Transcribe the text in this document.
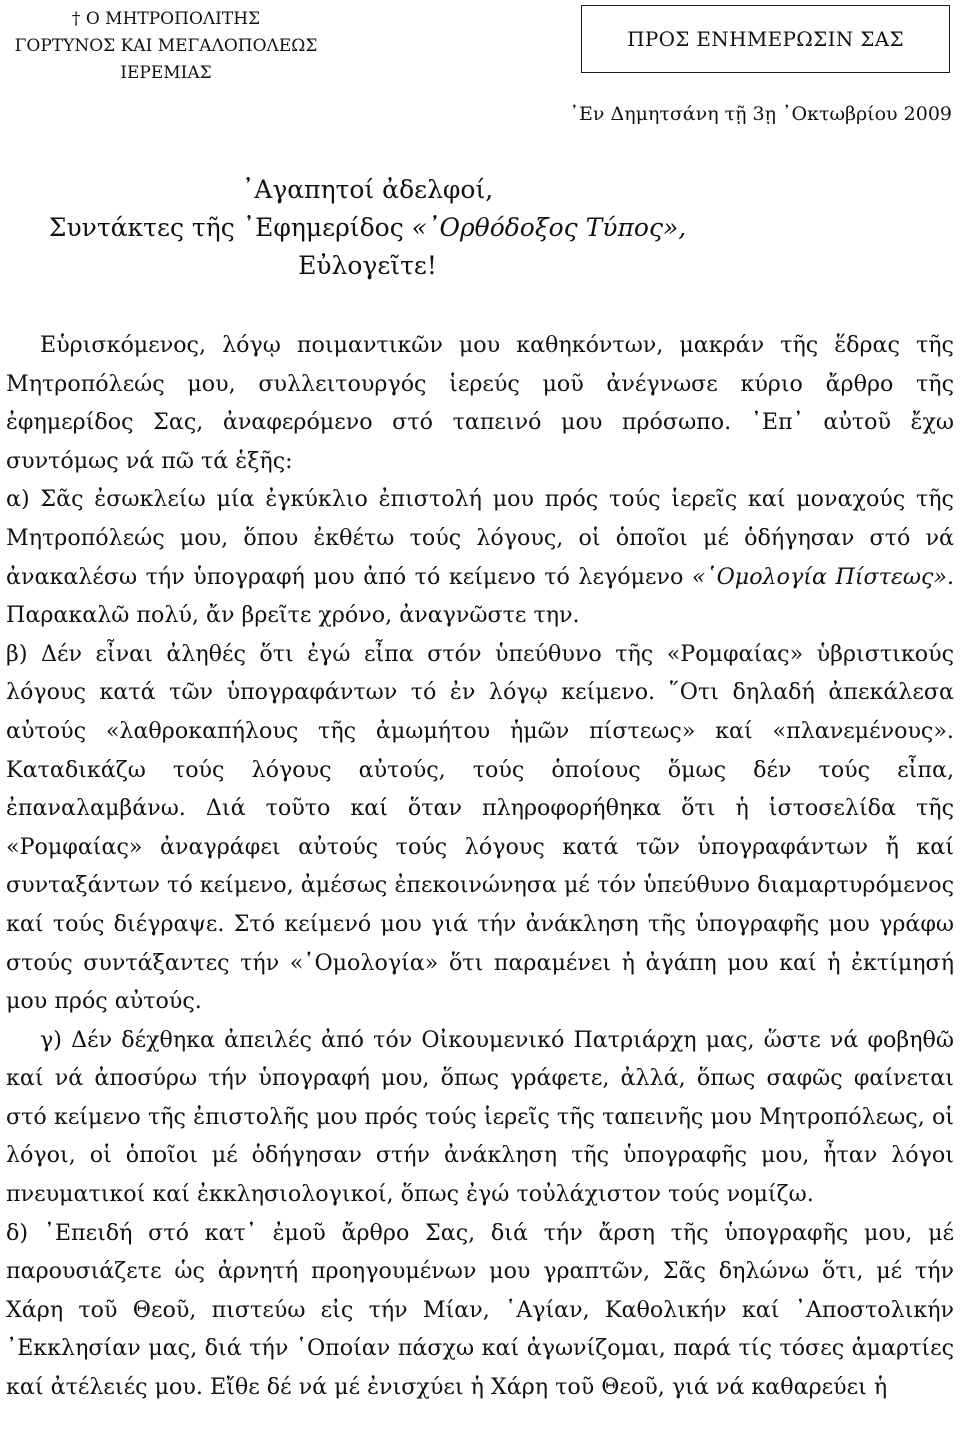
† Ο ΜΗΤΡΟΠΟΛΙΤΗΣ
ΓΟΡΤΥΝΟΣ ΚΑΙ ΜΕΓΑΛΟΠΟΛΕΩΣ
ΙΕΡΕΜΙΑΣ
ΠΡΟΣ ΕΝΗΜΕΡΩΣΙΝ ΣΑΣ
᾿Εν Δημητσάνη τῇ 3ῃ ᾿Οκτωβρίου 2009
᾿Αγαπητοί ἀδελφοί,
Συντάκτες τῆς ᾿Εφημερίδος «᾿Ορθόδοξος Τύπος»,
Εὐλογεῖτε!

Εὑρισκόμενος, λόγῳ ποιμαντικῶν μου καθηκόντων, μακράν τῆς ἕδρας τῆς Μητροπόλεώς μου, συλλειτουργός ἱερεύς μοῦ ἀνέγνωσε κύριο ἄρθρο τῆς ἐφημερίδος Σας, ἀναφερόμενο στό ταπεινό μου πρόσωπο. ᾿Επ᾿ αὐτοῦ ἔχω συντόμως νά πῶ τά ἑξῆς:

α) Σᾶς ἐσωκλείω μία ἐγκύκλιο ἐπιστολή μου πρός τούς ἱερεῖς καί μοναχούς τῆς Μητροπόλεώς μου, ὅπου ἐκθέτω τούς λόγους, οἱ ὁποῖοι μέ ὁδήγησαν στό νά ἀνακαλέσω τήν ὑπογραφή μου ἀπό τό κείμενο τό λεγόμενο «῾Ομολογία Πίστεως». Παρακαλῶ πολύ, ἄν βρεῖτε χρόνο, ἀναγνῶστε την.

β) Δέν εἶναι ἀληθές ὅτι ἐγώ εἶπα στόν ὑπεύθυνο τῆς «Ρομφαίας» ὑβριστικούς λόγους κατά τῶν ὑπογραφάντων τό ἐν λόγῳ κείμενο. ῞Οτι δηλαδή ἀπεκάλεσα αὐτούς «λαθροκαπήλους τῆς ἀμωμήτου ἡμῶν πίστεως» καί «πλανεμένους». Καταδικάζω τούς λόγους αὐτούς, τούς ὁποίους ὅμως δέν τούς εἶπα, ἐπαναλαμβάνω. Διά τοῦτο καί ὅταν πληροφορήθηκα ὅτι ἡ ἱστοσελίδα τῆς «Ρομφαίας» ἀναγράφει αὐτούς τούς λόγους κατά τῶν ὑπογραφάντων ἤ καί συνταξάντων τό κείμενο, ἀμέσως ἐπεκοινώνησα μέ τόν ὑπεύθυνο διαμαρτυρόμενος καί τούς διέγραψε. Στό κείμενό μου γιά τήν ἀνάκληση τῆς ὑπογραφῆς μου γράφω στούς συντάξαντες τήν «῾Ομολογία» ὅτι παραμένει ἡ ἀγάπη μου καί ἡ ἐκτίμησή μου πρός αὐτούς.

γ) Δέν δέχθηκα ἀπειλές ἀπό τόν Οἰκουμενικό Πατριάρχη μας, ὥστε νά φοβηθῶ καί νά ἀποσύρω τήν ὑπογραφή μου, ὅπως γράφετε, ἀλλά, ὅπως σαφῶς φαίνεται στό κείμενο τῆς ἐπιστολῆς μου πρός τούς ἱερεῖς τῆς ταπεινῆς μου Μητροπόλεως, οἱ λόγοι, οἱ ὁποῖοι μέ ὁδήγησαν στήν ἀνάκληση τῆς ὑπογραφῆς μου, ἦταν λόγοι πνευματικοί καί ἐκκλησιολογικοί, ὅπως ἐγώ τοὐλάχιστον τούς νομίζω.

δ) ᾿Επειδή στό κατ᾿ ἐμοῦ ἄρθρο Σας, διά τήν ἄρση τῆς ὑπογραφῆς μου, μέ παρουσιάζετε ὡς ἀρνητή προηγουμένων μου γραπτῶν, Σᾶς δηλώνω ὅτι, μέ τήν Χάρη τοῦ Θεοῦ, πιστεύω εἰς τήν Μίαν, ῾Αγίαν, Καθολικήν καί ᾿Αποστολικήν ᾿Εκκλησίαν μας, διά τήν ῾Οποίαν πάσχω καί ἀγωνίζομαι, παρά τίς τόσες ἁμαρτίες καί ἀτέλειές μου. Εἴθε δέ νά μέ ἐνισχύει ἡ Χάρη τοῦ Θεοῦ, γιά νά καθαρεύει ἡ
